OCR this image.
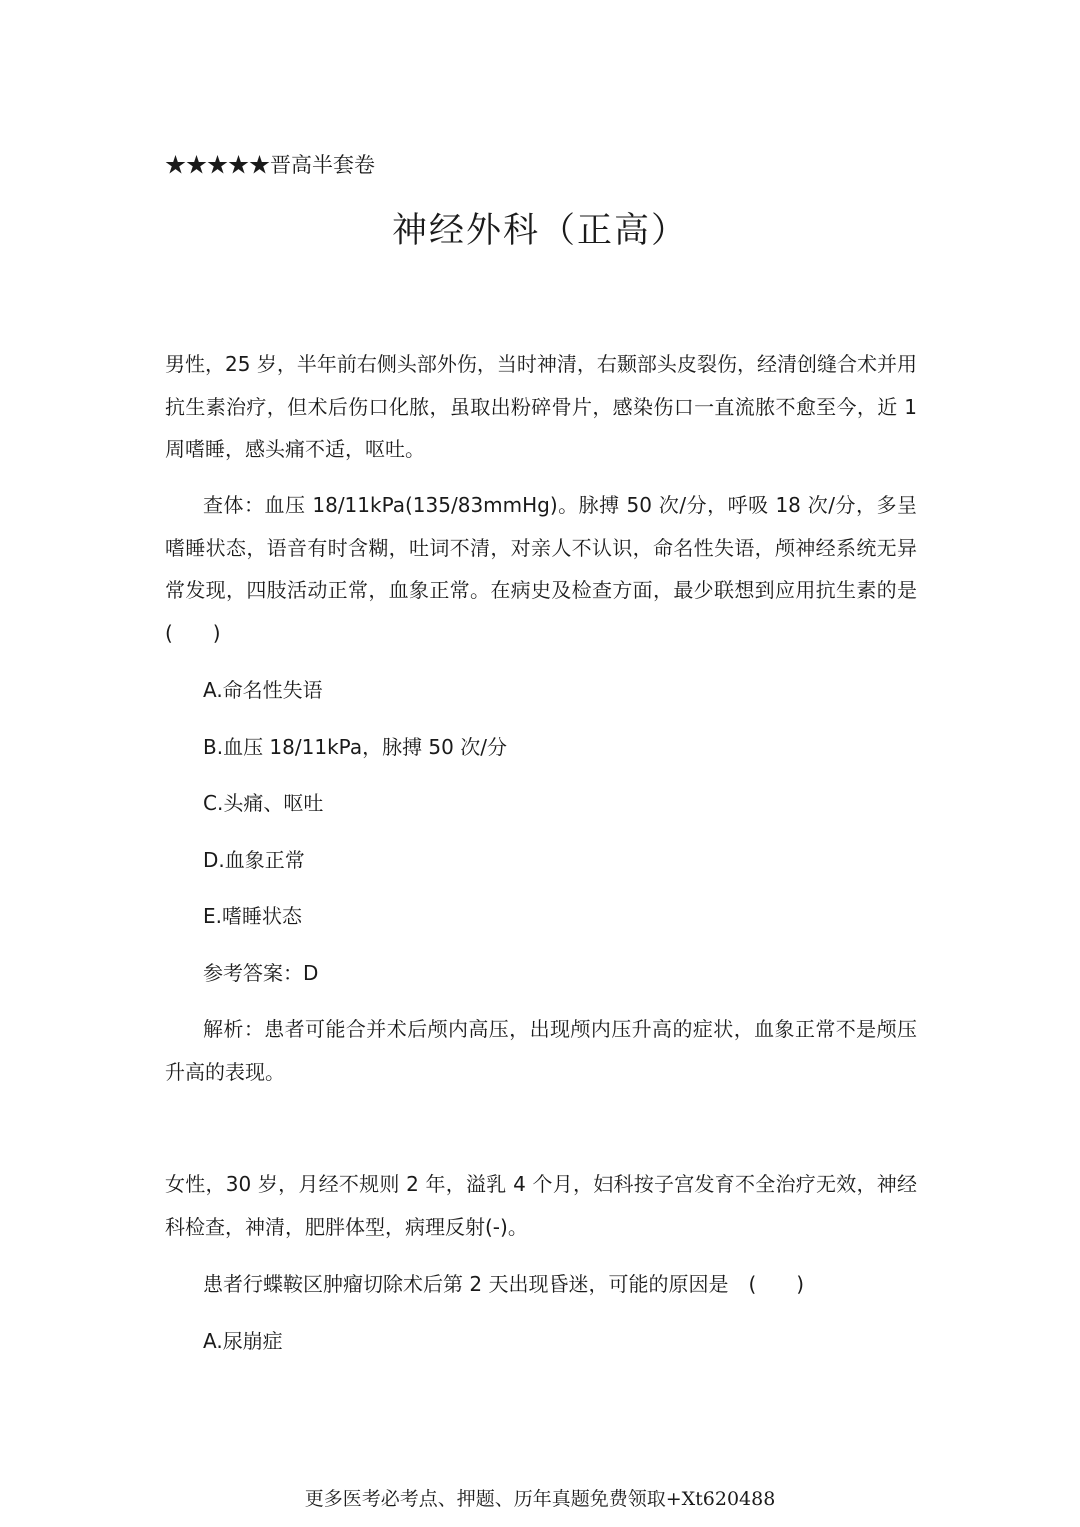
★★★★★晋高半套卷
神经外科（正高）

男性，25 岁，半年前右侧头部外伤，当时神清，右颞部头皮裂伤，经清创缝合术并用抗生素治疗，但术后伤口化脓，虽取出粉碎骨片，感染伤口一直流脓不愈至今，近 1 周嗜睡，感头痛不适，呕吐。

查体：血压 18/11kPa(135/83mmHg)。脉搏 50 次/分，呼吸 18 次/分，多呈嗜睡状态，语音有时含糊，吐词不清，对亲人不认识，命名性失语，颅神经系统无异常发现，四肢活动正常，血象正常。在病史及检查方面，最少联想到应用抗生素的是　(　　)

A.命名性失语
B.血压 18/11kPa，脉搏 50 次/分
C.头痛、呕吐
D.血象正常
E.嗜睡状态
参考答案：D

解析：患者可能合并术后颅内高压，出现颅内压升高的症状，血象正常不是颅压升高的表现。

女性，30 岁，月经不规则 2 年，溢乳 4 个月，妇科按子宫发育不全治疗无效，神经科检查，神清，肥胖体型，病理反射(-)。

患者行蝶鞍区肿瘤切除术后第 2 天出现昏迷，可能的原因是　(　　)

A.尿崩症
更多医考必考点、押题、历年真题免费领取+Xt620488
